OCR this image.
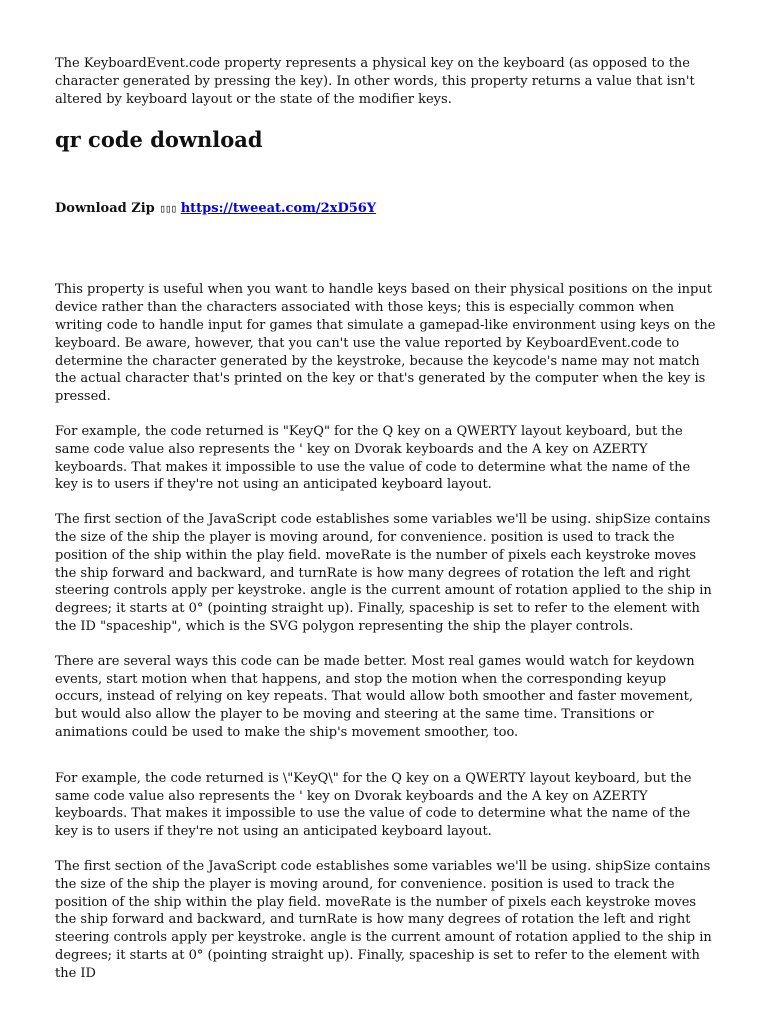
The KeyboardEvent.code property represents a physical key on the keyboard (as opposed to the character generated by pressing the key). In other words, this property returns a value that isn't altered by keyboard layout or the state of the modifier keys.

qr code download
Download Zip ▯▯▯ https://tweeat.com/2xD56Y

This property is useful when you want to handle keys based on their physical positions on the input device rather than the characters associated with those keys; this is especially common when writing code to handle input for games that simulate a gamepad-like environment using keys on the keyboard. Be aware, however, that you can't use the value reported by KeyboardEvent.code to determine the character generated by the keystroke, because the keycode's name may not match the actual character that's printed on the key or that's generated by the computer when the key is pressed.

For example, the code returned is "KeyQ" for the Q key on a QWERTY layout keyboard, but the same code value also represents the ' key on Dvorak keyboards and the A key on AZERTY keyboards. That makes it impossible to use the value of code to determine what the name of the key is to users if they're not using an anticipated keyboard layout.

The first section of the JavaScript code establishes some variables we'll be using. shipSize contains the size of the ship the player is moving around, for convenience. position is used to track the position of the ship within the play field. moveRate is the number of pixels each keystroke moves the ship forward and backward, and turnRate is how many degrees of rotation the left and right steering controls apply per keystroke. angle is the current amount of rotation applied to the ship in degrees; it starts at 0° (pointing straight up). Finally, spaceship is set to refer to the element with the ID "spaceship", which is the SVG polygon representing the ship the player controls.

There are several ways this code can be made better. Most real games would watch for keydown events, start motion when that happens, and stop the motion when the corresponding keyup occurs, instead of relying on key repeats. That would allow both smoother and faster movement, but would also allow the player to be moving and steering at the same time. Transitions or animations could be used to make the ship's movement smoother, too.

For example, the code returned is \"KeyQ\" for the Q key on a QWERTY layout keyboard, but the same code value also represents the ' key on Dvorak keyboards and the A key on AZERTY keyboards. That makes it impossible to use the value of code to determine what the name of the key is to users if they're not using an anticipated keyboard layout.

The first section of the JavaScript code establishes some variables we'll be using. shipSize contains the size of the ship the player is moving around, for convenience. position is used to track the position of the ship within the play field. moveRate is the number of pixels each keystroke moves the ship forward and backward, and turnRate is how many degrees of rotation the left and right steering controls apply per keystroke. angle is the current amount of rotation applied to the ship in degrees; it starts at 0° (pointing straight up). Finally, spaceship is set to refer to the element with the ID
